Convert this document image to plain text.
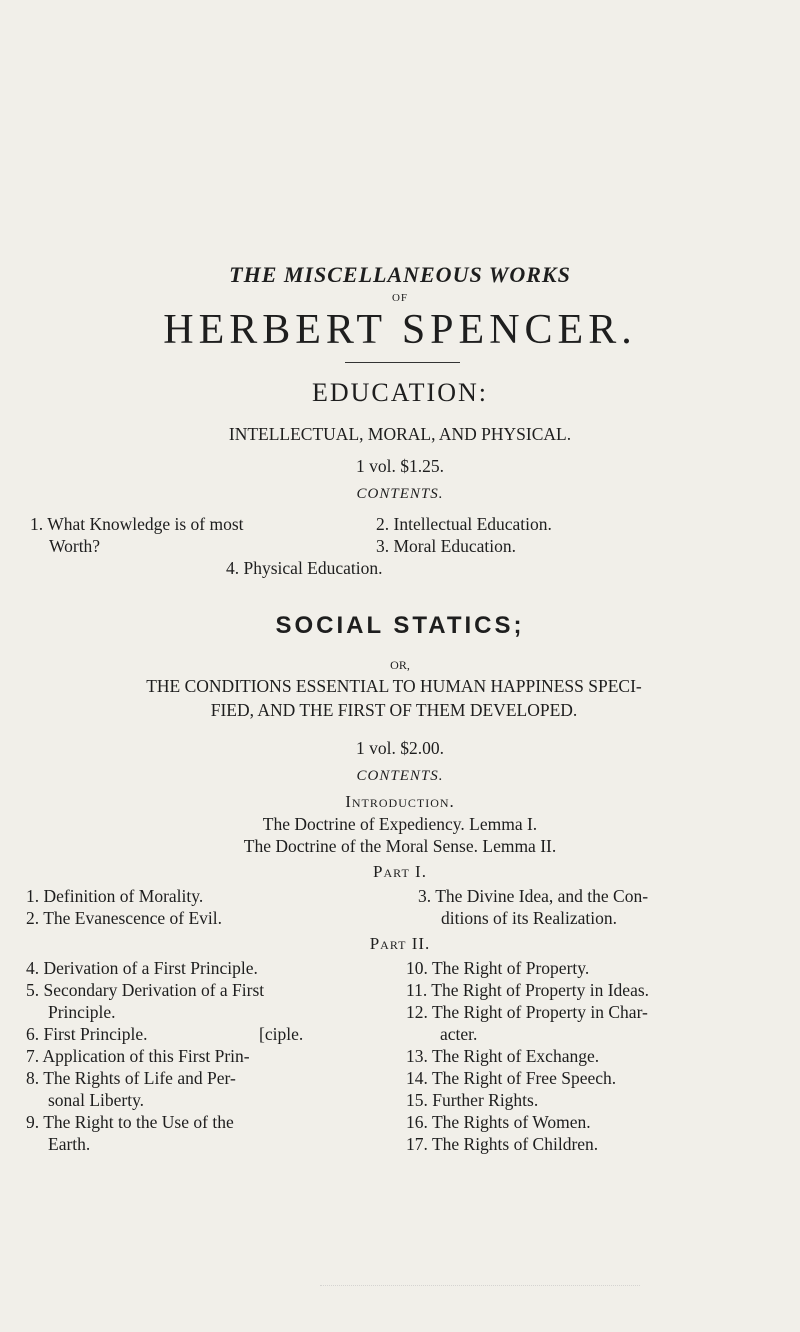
THE MISCELLANEOUS WORKS
OF
HERBERT SPENCER.
EDUCATION:
INTELLECTUAL, MORAL, AND PHYSICAL.
1 vol. $1.25.
CONTENTS.
1. What Knowledge is of most
Worth?
2. Intellectual Education.
3. Moral Education.
4. Physical Education.
SOCIAL STATICS;
OR,
THE CONDITIONS ESSENTIAL TO HUMAN HAPPINESS SPECI-
FIED, AND THE FIRST OF THEM DEVELOPED.
1 vol. $2.00.
CONTENTS.
Introduction.
The Doctrine of Expediency. Lemma I.
The Doctrine of the Moral Sense. Lemma II.
Part I.
1. Definition of Morality.
2. The Evanescence of Evil.
3. The Divine Idea, and the Con-
ditions of its Realization.
Part II.
4. Derivation of a First Principle.
5. Secondary Derivation of a First
Principle.
6. First Principle.	[ciple.
7. Application of this First Prin-
8. The Rights of Life and Per-
sonal Liberty.
9. The Right to the Use of the
Earth.
10. The Right of Property.
11. The Right of Property in Ideas.
12. The Right of Property in Char-
acter.
13. The Right of Exchange.
14. The Right of Free Speech.
15. Further Rights.
16. The Rights of Women.
17. The Rights of Children.
